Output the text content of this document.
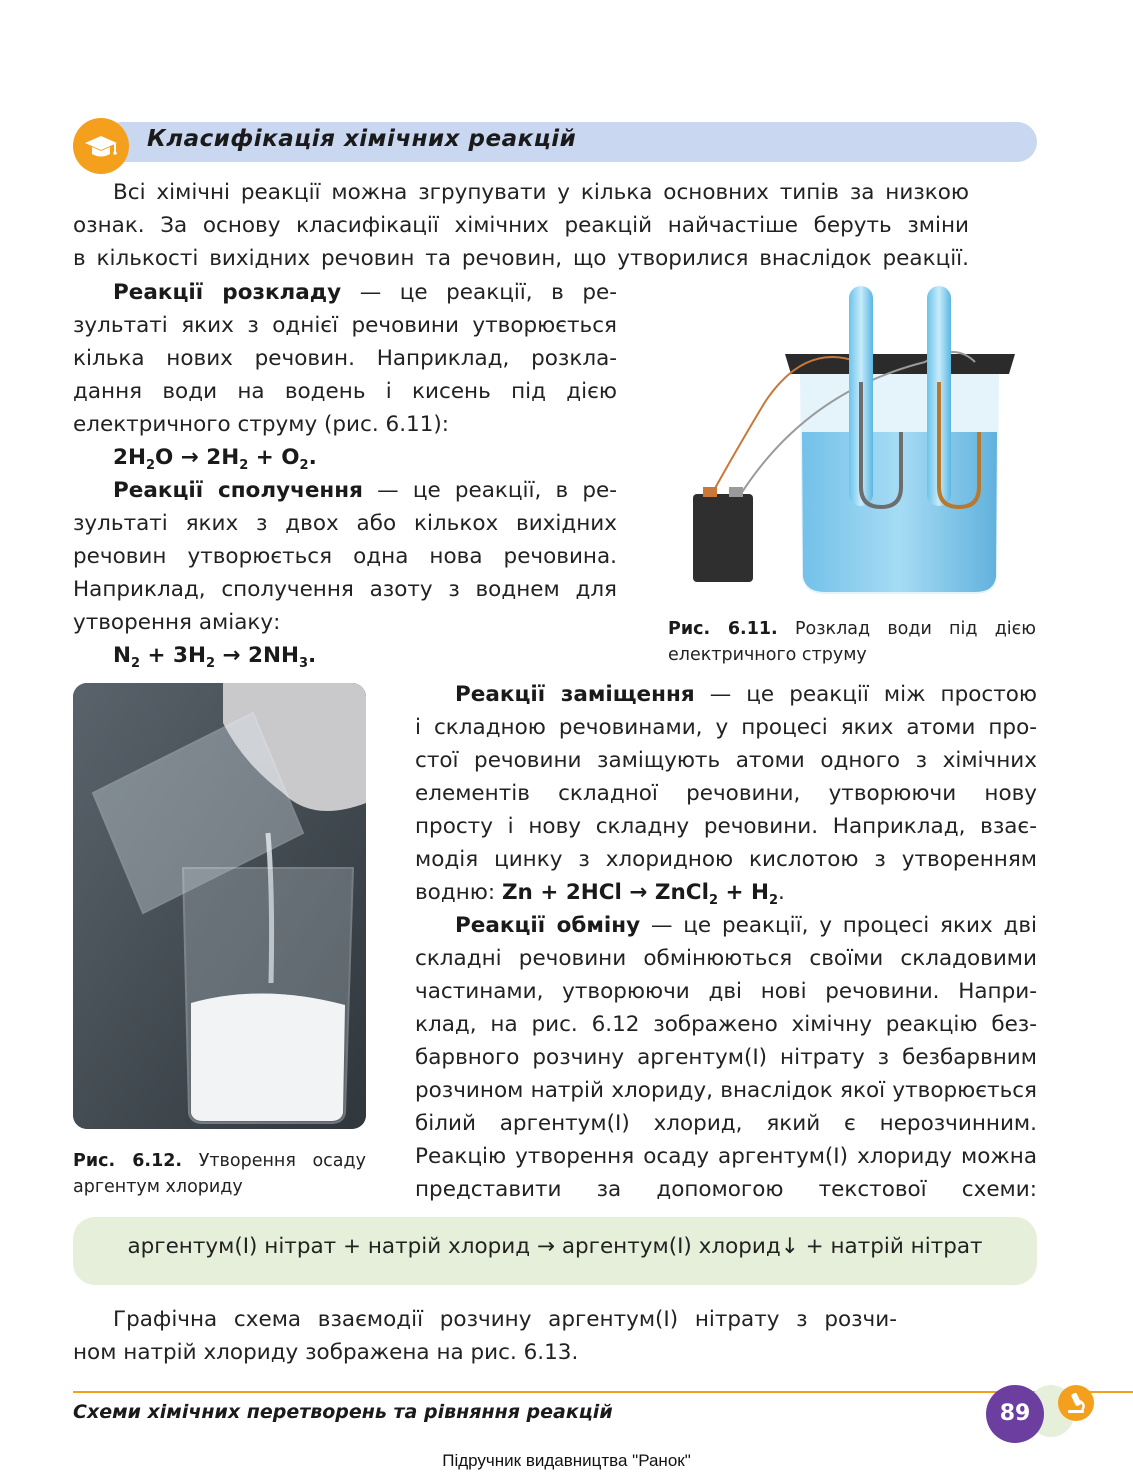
Класифікація хімічних реакцій
Всі хімічні реакції можна згрупувати у кілька основних типів за низкою
ознак. За основу класифікації хімічних реакцій найчастіше беруть зміни
в кількості вихідних речовин та речовин, що утворилися внаслідок реакції.
Реакції розкладу — це реакції, в ре-
зультаті яких з однієї речовини утворюється
кілька нових речовин. Наприклад, розкла-
дання води на водень і кисень під дією
електричного струму (рис. 6.11):
$2H_2O \to 2H_2 + O_2$.
Реакції сполучення — це реакції, в ре-
зультаті яких з двох або кількох вихідних
речовин утворюється одна нова речовина.
Наприклад, сполучення азоту з воднем для
утворення аміаку:
$N_2 + 3H_2 \to 2NH_3$.
Рис. 6.11. Розклад води під дією
електричного струму
Рис. 6.12. Утворення осаду
аргентум хлориду
Реакції заміщення — це реакції між простою
і складною речовинами, у процесі яких атоми про-
стої речовини заміщують атоми одного з хімічних
елементів складної речовини, утворюючи нову
просту і нову складну речовини. Наприклад, взає-
модія цинку з хлоридною кислотою з утворенням
водню: Zn + 2HCl → ZnCl$_2$ + $H_2$.
Реакції обміну — це реакції, у процесі яких дві
складні речовини обмінюються своїми складовими
частинами, утворюючи дві нові речовини. Напри-
клад, на рис. 6.12 зображено хімічну реакцію без-
барвного розчину аргентум(І) нітрату з безбарвним
розчином натрій хлориду, внаслідок якої утворюється
білий аргентум(І) хлорид, який є нерозчинним.
Реакцію утворення осаду аргентум(І) хлориду можна
представити за допомогою текстової схеми:
аргентум(І) нітрат + натрій хлорид → аргентум(І) хлорид↓ + натрій нітрат
Графічна схема взаємодії розчину аргентум(І) нітрату з розчи-
ном натрій хлориду зображена на рис. 6.13.
Схеми хімічних перетворень та рівняння реакцій	89
Підручник видавництва "Ранок"
